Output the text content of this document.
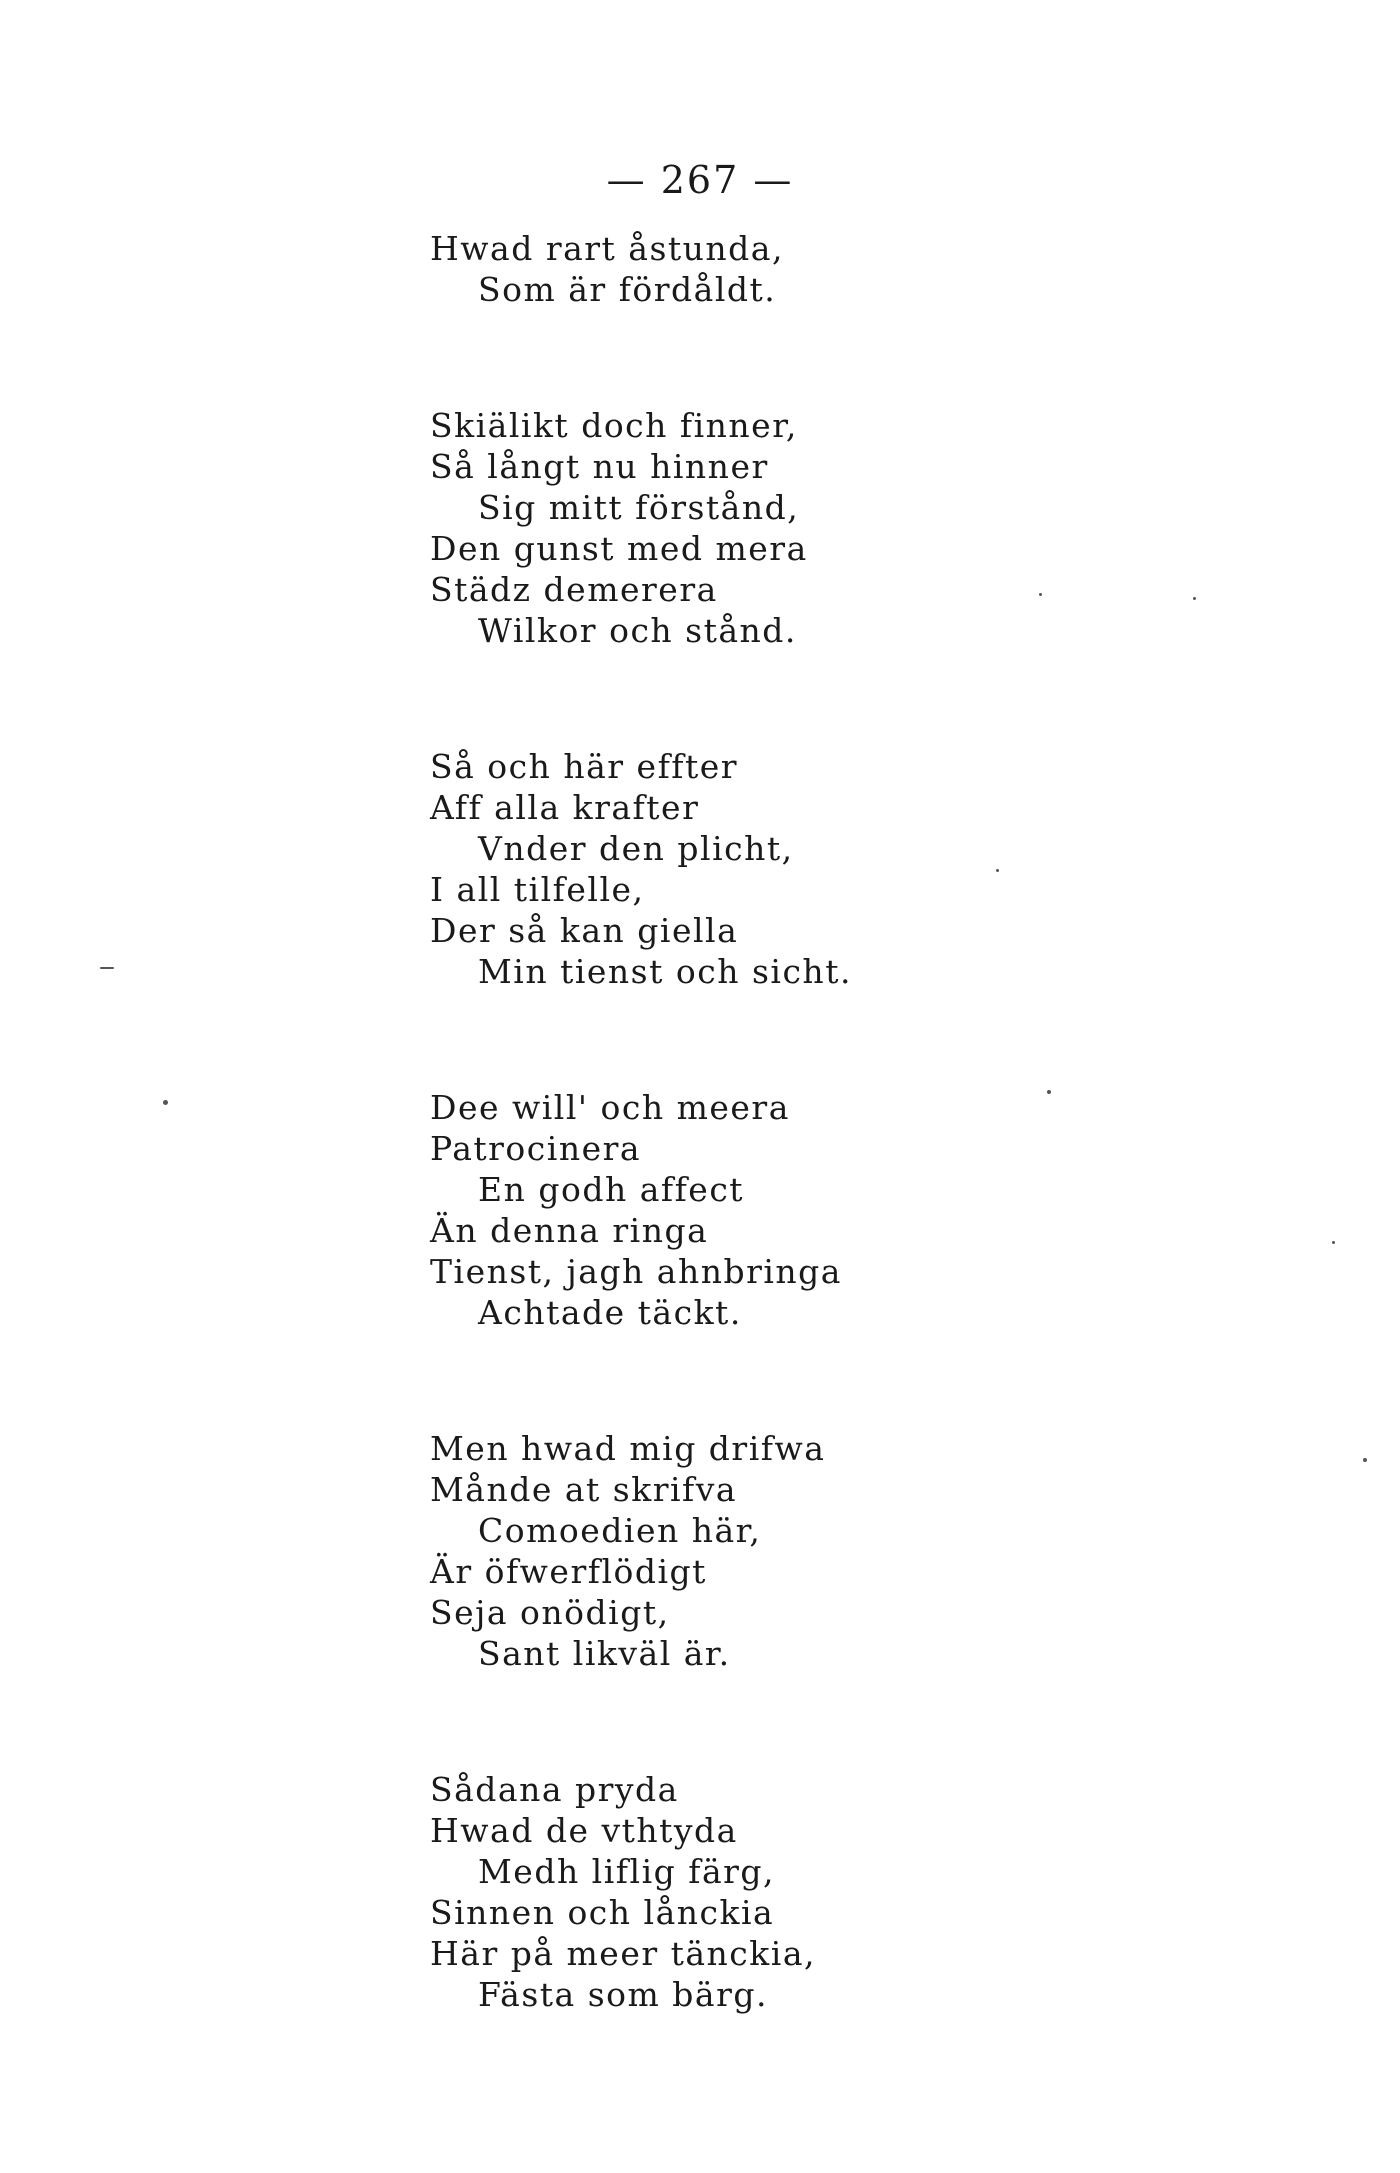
— 267 —
Hwad rart åstunda,
Som är fördåldt.
Skiälikt doch finner,
Så långt nu hinner
Sig mitt förstånd,
Den gunst med mera
Städz demerera
Wilkor och stånd.
Så och här effter
Aff alla krafter
Vnder den plicht,
I all tilfelle,
Der så kan giella
Min tienst och sicht.
Dee will' och meera
Patrocinera
En godh affect
Än denna ringa
Tienst, jagh ahnbringa
Achtade täckt.
Men hwad mig drifwa
Månde at skrifva
Comoedien här,
Är öfwerflödigt
Seja onödigt,
Sant likväl är.
Sådana pryda
Hwad de vthtyda
Medh liflig färg,
Sinnen och lånckia
Här på meer tänckia,
Fästa som bärg.
